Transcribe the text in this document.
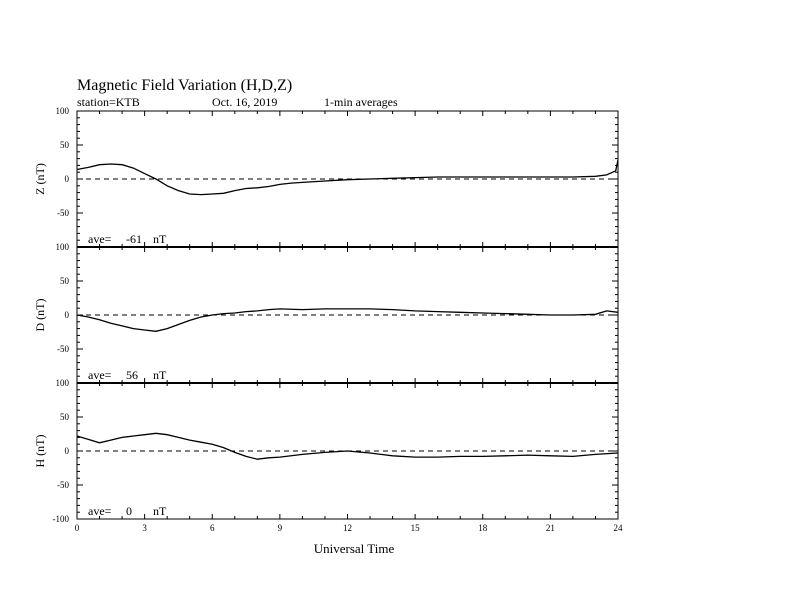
Magnetic Field Variation (H,D,Z)
station=KTB	Oct. 16, 2019	1-min averages
100
50
0
-50
Z (nT)
ave= -61 nT
100
50
0
-50
D (nT)
ave= 56 nT
100
50
0
-50
-100
H (nT)
ave= 0 nT
0	3	6	9	12	15	18	21	24
Universal Time
